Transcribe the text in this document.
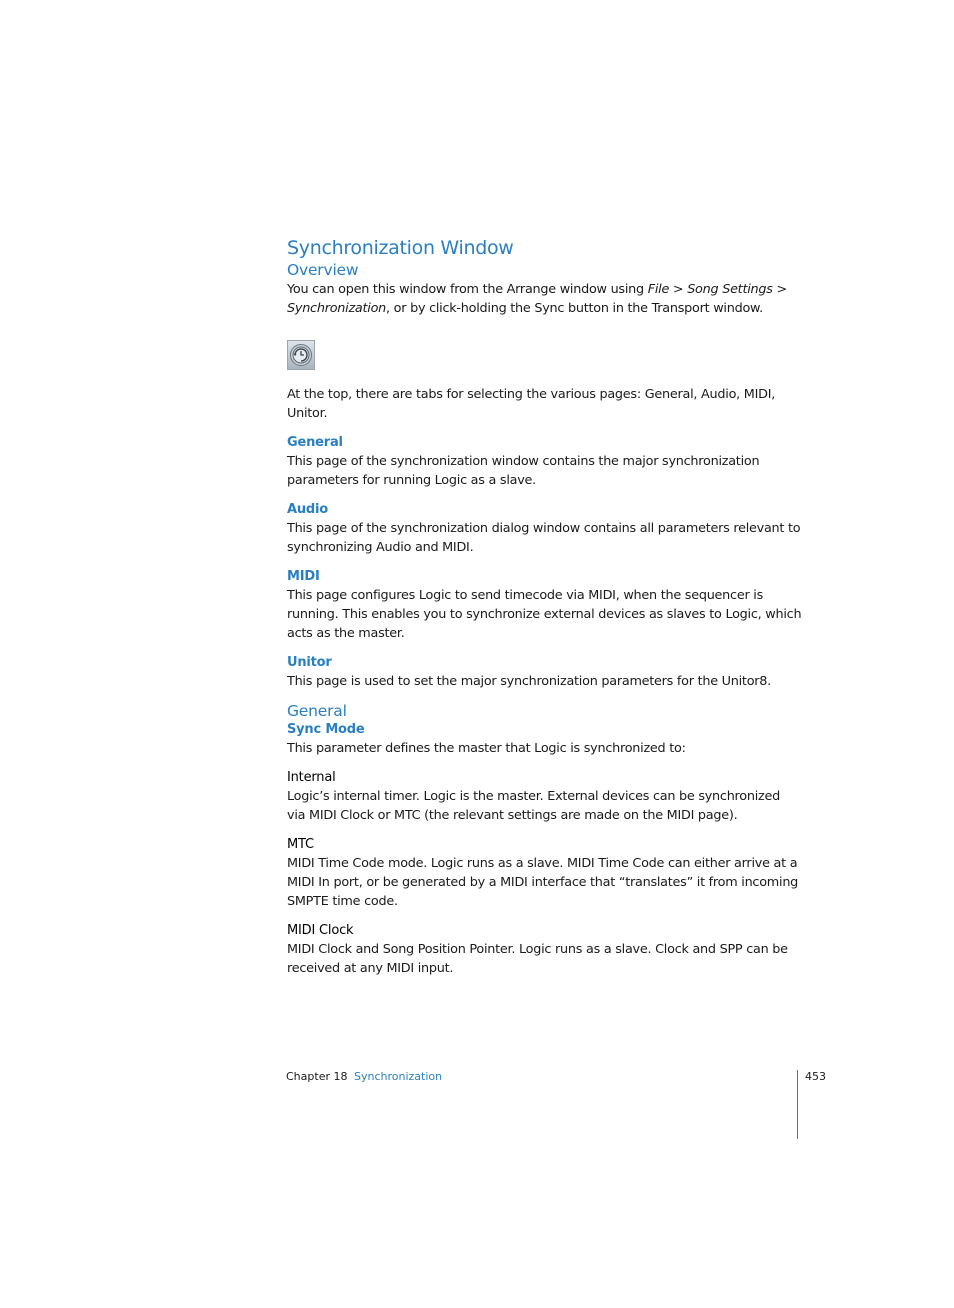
Synchronization Window
Overview

You can open this window from the Arrange window using File > Song Settings >
Synchronization, or by click-holding the Sync button in the Transport window.

At the top, there are tabs for selecting the various pages: General, Audio, MIDI, Unitor.

General

This page of the synchronization window contains the major synchronization parameters for running Logic as a slave.

Audio

This page of the synchronization dialog window contains all parameters relevant to synchronizing Audio and MIDI.

MIDI

This page configures Logic to send timecode via MIDI, when the sequencer is running. This enables you to synchronize external devices as slaves to Logic, which acts as the master.

Unitor

This page is used to set the major synchronization parameters for the Unitor8.

General
Sync Mode

This parameter defines the master that Logic is synchronized to:

Internal

Logic’s internal timer. Logic is the master. External devices can be synchronized via MIDI Clock or MTC (the relevant settings are made on the MIDI page).

MTC

MIDI Time Code mode. Logic runs as a slave. MIDI Time Code can either arrive at a MIDI In port, or be generated by a MIDI interface that “translates” it from incoming SMPTE time code.

MIDI Clock

MIDI Clock and Song Position Pointer. Logic runs as a slave. Clock and SPP can be received at any MIDI input.

Chapter 18 Synchronization	453
